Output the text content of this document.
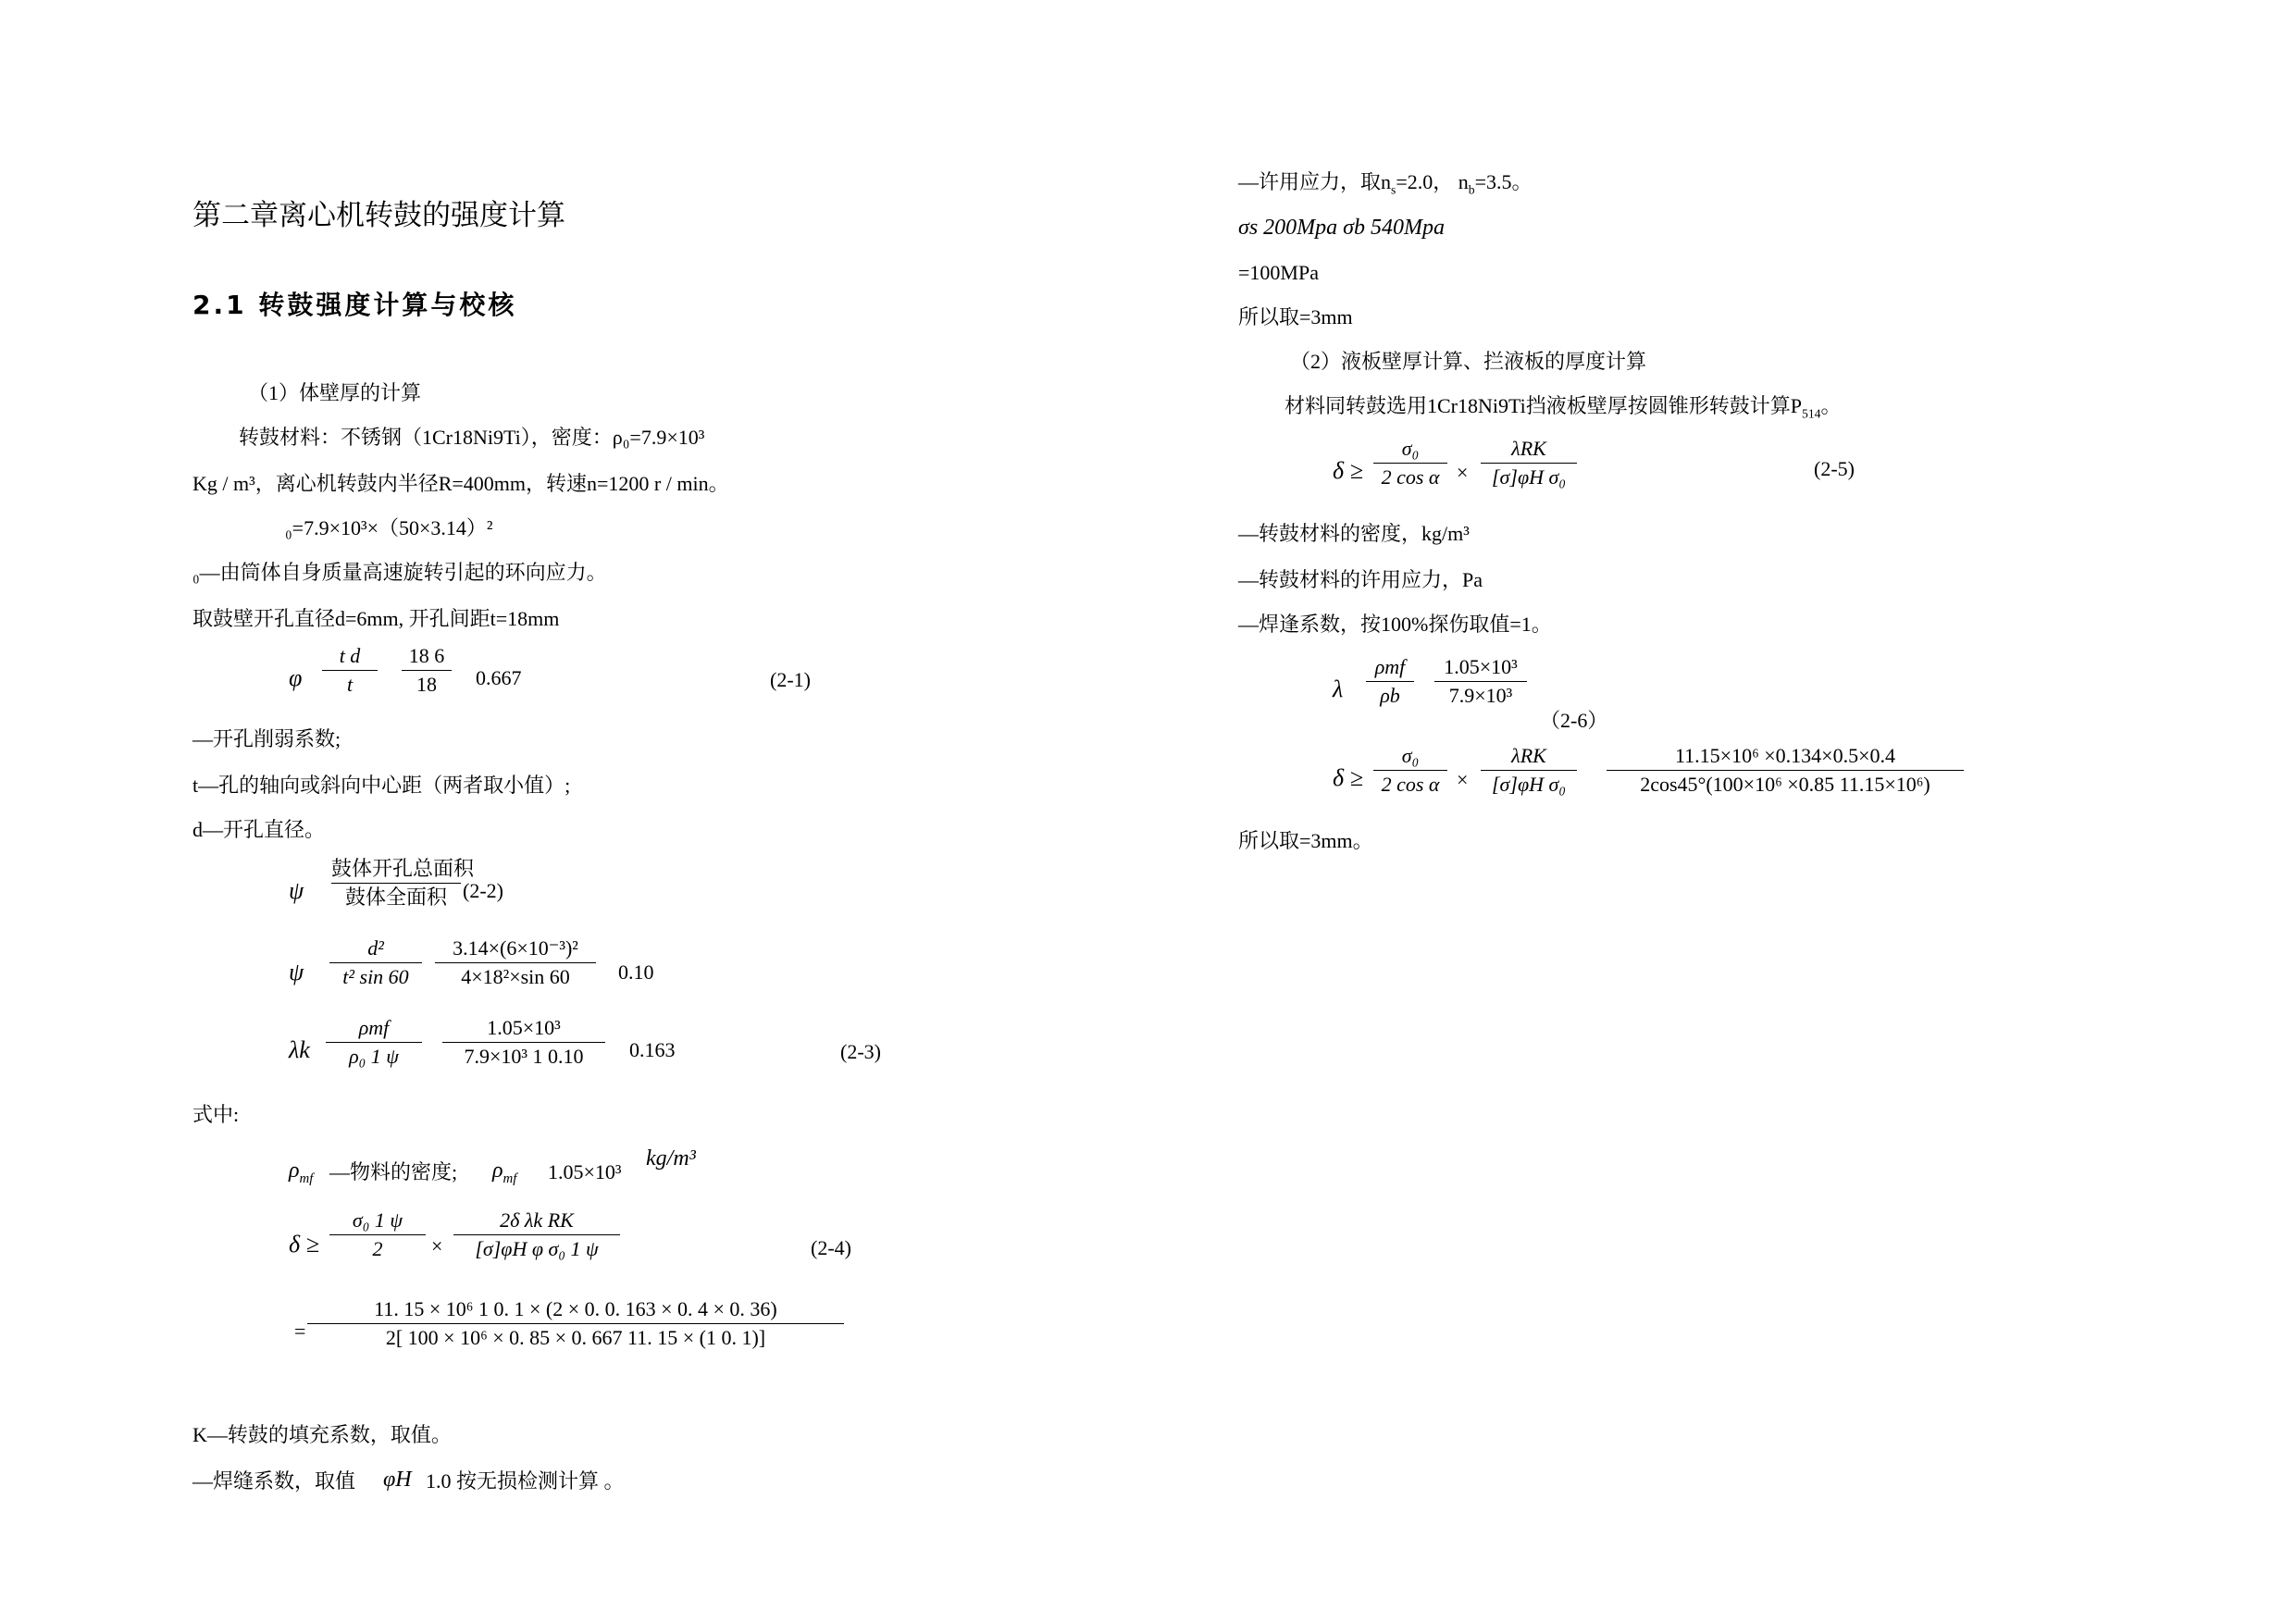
第二章离心机转鼓的强度计算
2.1 转鼓强度计算与校核
（1）体壁厚的计算
转鼓材料：不锈钢（1Cr18Ni9Ti），密度：ρ₀=7.9×10³
Kg / m³，离心机转鼓内半径R=400mm，转速n=1200 r / min。
₀=7.9×10³×（50×3.14）²
₀—由筒体自身质量高速旋转引起的环向应力。
取鼓壁开孔直径d=6mm, 开孔间距t=18mm
φ
t d
t
18 6
18	0.667	(2-1)
—开孔削弱系数;
t—孔的轴向或斜向中心距（两者取小值）;
d—开孔直径。
ψ
鼓体开孔总面积
鼓体全面积 (2-2)
ψ
d²
t² sin 60
3.14×(6×10⁻³)²
4×18²×sin 60	0.10
λk
ρmf
ρ₀ 1 ψ
1.05×10³
7.9×10³ 1 0.10	0.163	(2-3)
式中:
$\rho_{mf}$ —物料的密度; $\rho_{mf}$ 1.05×10³
kg/m³
δ ≥
σ₀ 1 ψ
2	×
2δ λk RK
[σ]φH φ σ₀ 1 ψ	(2-4)
=
11. 15 × 10⁶ 1 0. 1 × (2 × 0. 0. 163 × 0. 4 × 0. 36)
2[ 100 × 10⁶ × 0. 85 × 0. 667 11. 15 × (1 0. 1)]
K—转鼓的填充系数，取值。
—焊缝系数，取值 φH 1.0 按无损检测计算 。
—许用应力，取$n_s=2.0$， $n_b=3.5$。
σs 200Mpa σb 540Mpa
=100MPa
所以取=3mm
（2）液板壁厚计算、拦液板的厚度计算
材料同转鼓选用1Cr18Ni9Ti挡液板壁厚按圆锥形转鼓计算$P_{514}$。
δ ≥
σ₀
2 cos α ×
λRK
[σ]φH σ₀	(2-5)
—转鼓材料的密度，kg/m³
—转鼓材料的许用应力，Pa
—焊逢系数，按100%探伤取值=1。
λ
ρmf
ρb
1.05×10³
7.9×10³
（2-6）
δ ≥
σ₀
2 cos α ×
λRK
[σ]φH σ₀
11.15×10⁶ ×0.134×0.5×0.4
2cos45°(100×10⁶ ×0.85 11.15×10⁶)
所以取=3mm。
